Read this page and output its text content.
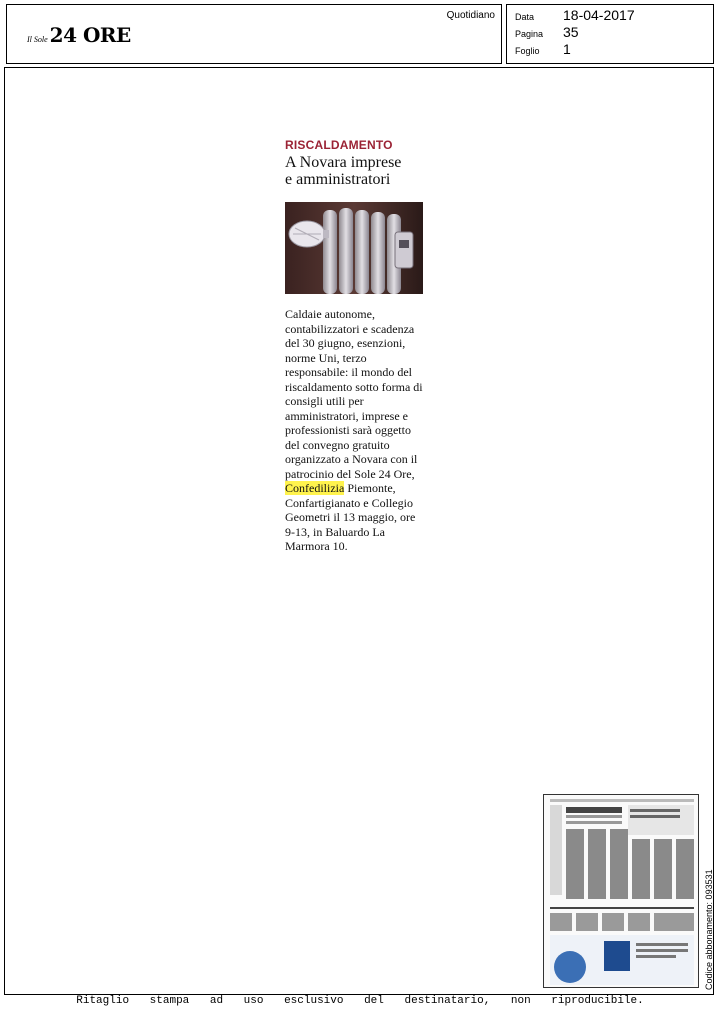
Il Sole 24 ORE
Quotidiano Data	18-04-2017
Pagina	35
Foglio	1
RISCALDAMENTO
A Novara imprese
e amministratori
Caldaie autonome, contabilizzatori e scadenza del 30 giugno, esenzioni, norme Uni, terzo responsabile: il mondo del riscaldamento sotto forma di consigli utili per amministratori, imprese e professionisti sarà oggetto del convegno gratuito organizzato a Novara con il patrocinio del Sole 24 Ore, Confedilizia Piemonte, Confartigianato e Collegio Geometri il 13 maggio, ore 9-13, in Baluardo La Marmora 10.
Codice abbonamento: 093531
Ritaglio stampa ad uso esclusivo del destinatario, non riproducibile.
